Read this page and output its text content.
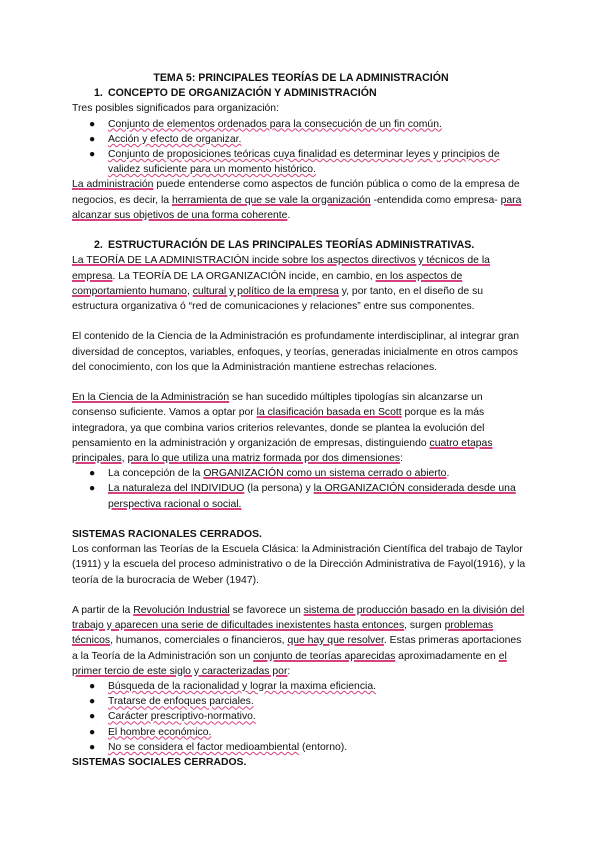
TEMA 5: PRINCIPALES TEORÍAS DE LA ADMINISTRACIÓN

1. CONCEPTO DE ORGANIZACIÓN Y ADMINISTRACIÓN

Tres posibles significados para organización:

● Conjunto de elementos ordenados para la consecución de un fin común.
● Acción y efecto de organizar.
● Conjunto de proposiciones teóricas cuya finalidad es determinar leyes y principios de validez suficiente para un momento histórico.

La administración puede entenderse como aspectos de función pública o como de la empresa de negocios, es decir, la herramienta de que se vale la organización -entendida como empresa- para alcanzar sus objetivos de una forma coherente.

2. ESTRUCTURACIÓN DE LAS PRINCIPALES TEORÍAS ADMINISTRATIVAS.

La TEORÍA DE LA ADMINISTRACIÓN incide sobre los aspectos directivos y técnicos de la empresa. La TEORÍA DE LA ORGANIZACIÓN incide, en cambio, en los aspectos de comportamiento humano, cultural y político de la empresa y, por tanto, en el diseño de su estructura organizativa ó “red de comunicaciones y relaciones” entre sus componentes.

El contenido de la Ciencia de la Administración es profundamente interdisciplinar, al integrar gran diversidad de conceptos, variables, enfoques, y teorías, generadas inicialmente en otros campos del conocimiento, con los que la Administración mantiene estrechas relaciones.

En la Ciencia de la Administración se han sucedido múltiples tipologías sin alcanzarse un consenso suficiente. Vamos a optar por la clasificación basada en Scott porque es la más integradora, ya que combina varios criterios relevantes, donde se plantea la evolución del pensamiento en la administración y organización de empresas, distinguiendo cuatro etapas principales, para lo que utiliza una matriz formada por dos dimensiones:

● La concepción de la ORGANIZACIÓN como un sistema cerrado o abierto.
● La naturaleza del INDIVIDUO (la persona) y la ORGANIZACIÓN considerada desde una perspectiva racional o social.

SISTEMAS RACIONALES CERRADOS.

Los conforman las Teorías de la Escuela Clásica: la Administración Científica del trabajo de Taylor (1911) y la escuela del proceso administrativo o de la Dirección Administrativa de Fayol(1916), y la teoría de la burocracia de Weber (1947).

A partir de la Revolución Industrial se favorece un sistema de producción basado en la división del trabajo y aparecen una serie de dificultades inexistentes hasta entonces, surgen problemas técnicos, humanos, comerciales o financieros, que hay que resolver. Estas primeras aportaciones a la Teoría de la Administración son un conjunto de teorías aparecidas aproximadamente en el primer tercio de este siglo y caracterizadas por:

● Búsqueda de la racionalidad y lograr la maxima eficiencia.
● Tratarse de enfoques parciales.
● Carácter prescriptivo-normativo.
● El hombre económico.
● No se considera el factor medioambiental (entorno).

SISTEMAS SOCIALES CERRADOS.
